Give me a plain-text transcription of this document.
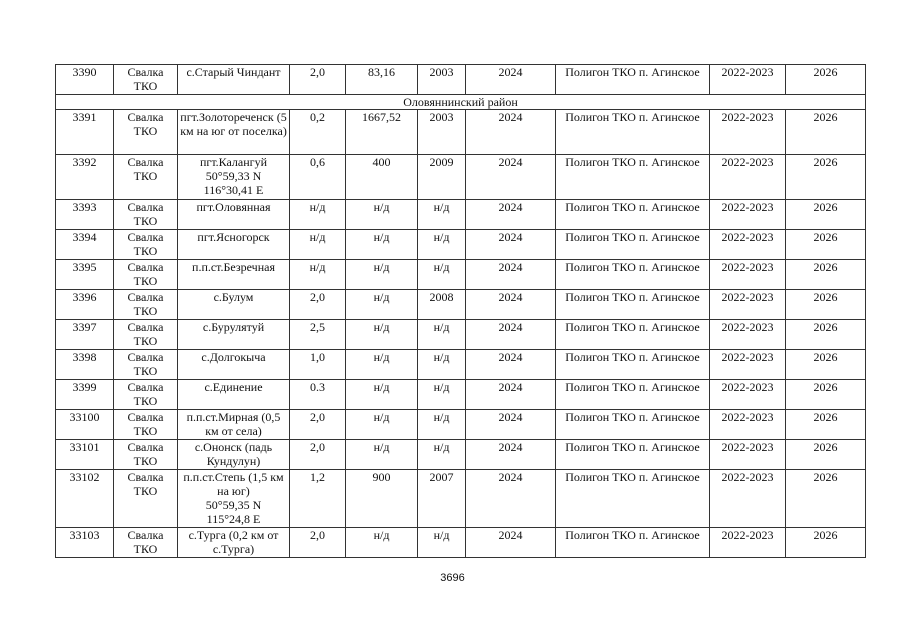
3390	Свалка ТКО	с.Старый Чиндант	2,0	83,16	2003	2024	Полигон ТКО п. Агинское	2022-2023	2026
Оловяннинский район									
3391	Свалка ТКО	пгт.Золотореченск (5 км на юг от поселка)	0,2	1667,52	2003	2024	Полигон ТКО п. Агинское	2022-2023	2026
3392	Свалка ТКО	пгт.Калангуй
50°59,33 N
116°30,41 E	0,6	400	2009	2024	Полигон ТКО п. Агинское	2022-2023	2026
3393	Свалка ТКО	пгт.Оловянная	н/д	н/д	н/д	2024	Полигон ТКО п. Агинское	2022-2023	2026
3394	Свалка ТКО	пгт.Ясногорск	н/д	н/д	н/д	2024	Полигон ТКО п. Агинское	2022-2023	2026
3395	Свалка ТКО	п.п.ст.Безречная	н/д	н/д	н/д	2024	Полигон ТКО п. Агинское	2022-2023	2026
3396	Свалка ТКО	с.Булум	2,0	н/д	2008	2024	Полигон ТКО п. Агинское	2022-2023	2026
3397	Свалка ТКО	с.Бурулятуй	2,5	н/д	н/д	2024	Полигон ТКО п. Агинское	2022-2023	2026
3398	Свалка ТКО	с.Долгокыча	1,0	н/д	н/д	2024	Полигон ТКО п. Агинское	2022-2023	2026
3399	Свалка ТКО	с.Единение	0.3	н/д	н/д	2024	Полигон ТКО п. Агинское	2022-2023	2026
33100	Свалка ТКО	п.п.ст.Мирная (0,5 км от села)	2,0	н/д	н/д	2024	Полигон ТКО п. Агинское	2022-2023	2026
33101	Свалка ТКО	с.Ононск (падь Кундулун)	2,0	н/д	н/д	2024	Полигон ТКО п. Агинское	2022-2023	2026
33102	Свалка ТКО	п.п.ст.Степь (1,5 км на юг)
50°59,35 N
115°24,8 E	1,2	900	2007	2024	Полигон ТКО п. Агинское	2022-2023	2026
33103	Свалка ТКО	с.Турга (0,2 км от с.Турга)	2,0	н/д	н/д	2024	Полигон ТКО п. Агинское	2022-2023	2026
3696
